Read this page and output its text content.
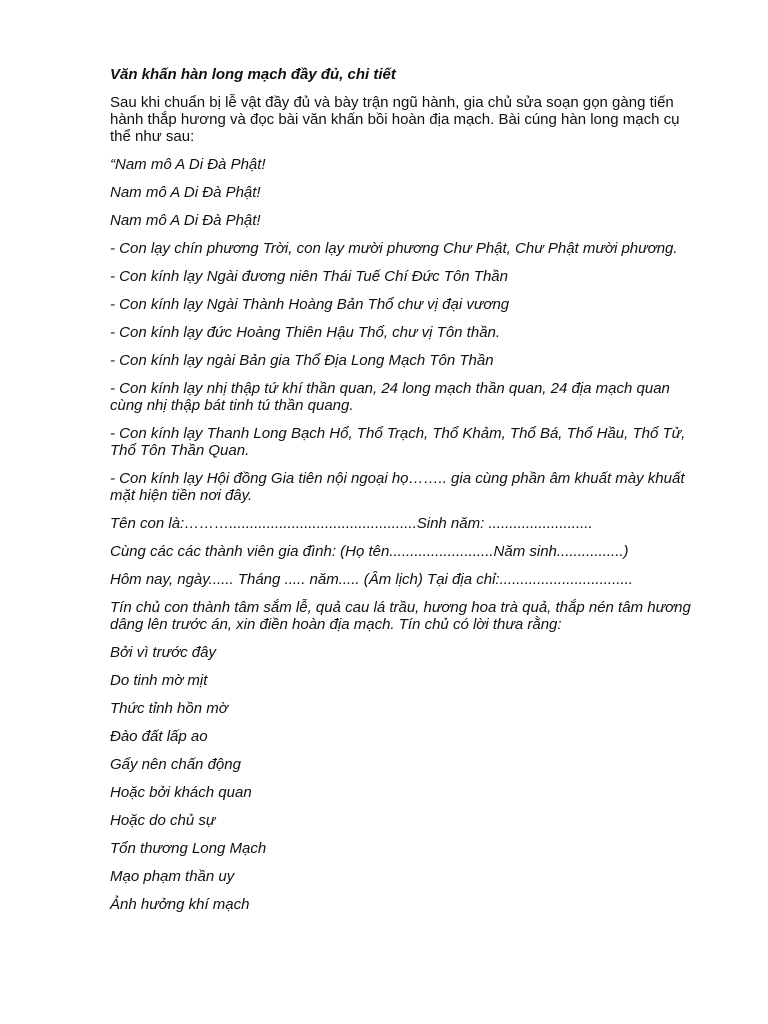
Văn khấn hàn long mạch đầy đủ, chi tiết

Sau khi chuẩn bị lễ vật đầy đủ và bày trận ngũ hành, gia chủ sửa soạn gọn gàng tiến hành thắp hương và đọc bài văn khấn bồi hoàn địa mạch. Bài cúng hàn long mạch cụ thể như sau:

“Nam mô A Di Đà Phật!

Nam mô A Di Đà Phật!

Nam mô A Di Đà Phật!

- Con lạy chín phương Trời, con lạy mười phương Chư Phật, Chư Phật mười phương.

- Con kính lạy Ngài đương niên Thái Tuế Chí Đức Tôn Thần

- Con kính lạy Ngài Thành Hoàng Bản Thổ chư vị đại vương

- Con kính lạy đức Hoàng Thiên Hậu Thổ, chư vị Tôn thần.

- Con kính lạy ngài Bản gia Thổ Địa Long Mạch Tôn Thần

- Con kính lạy nhị thập tứ khí thần quan, 24 long mạch thần quan, 24 địa mạch quan cùng nhị thập bát tinh tú thần quang.

- Con kính lạy Thanh Long Bạch Hổ, Thổ Trạch, Thổ Khảm, Thổ Bá, Thổ Hầu, Thổ Tử, Thổ Tôn Thần Quan.

- Con kính lạy Hội đồng Gia tiên nội ngoại họ…….. gia cùng phần âm khuất mày khuất mặt hiện tiền nơi đây.

Tên con là:……….............................................Sinh năm: .........................

Cùng các các thành viên gia đình: (Họ tên.........................Năm sinh................)

Hôm nay, ngày...... Tháng ..... năm..... (Âm lịch) Tại địa chỉ:................................

Tín chủ con thành tâm sắm lễ, quả cau lá trầu, hương hoa trà quả, thắp nén tâm hương dâng lên trước án, xin điền hoàn địa mạch. Tín chủ có lời thưa rằng:

Bởi vì trước đây

Do tinh mờ mịt

Thức tỉnh hồn mờ

Đào đất lấp ao

Gẩy nên chấn động

Hoặc bởi khách quan

Hoặc do chủ sự

Tổn thương Long Mạch

Mạo phạm thần uy

Ảnh hưởng khí mạch
